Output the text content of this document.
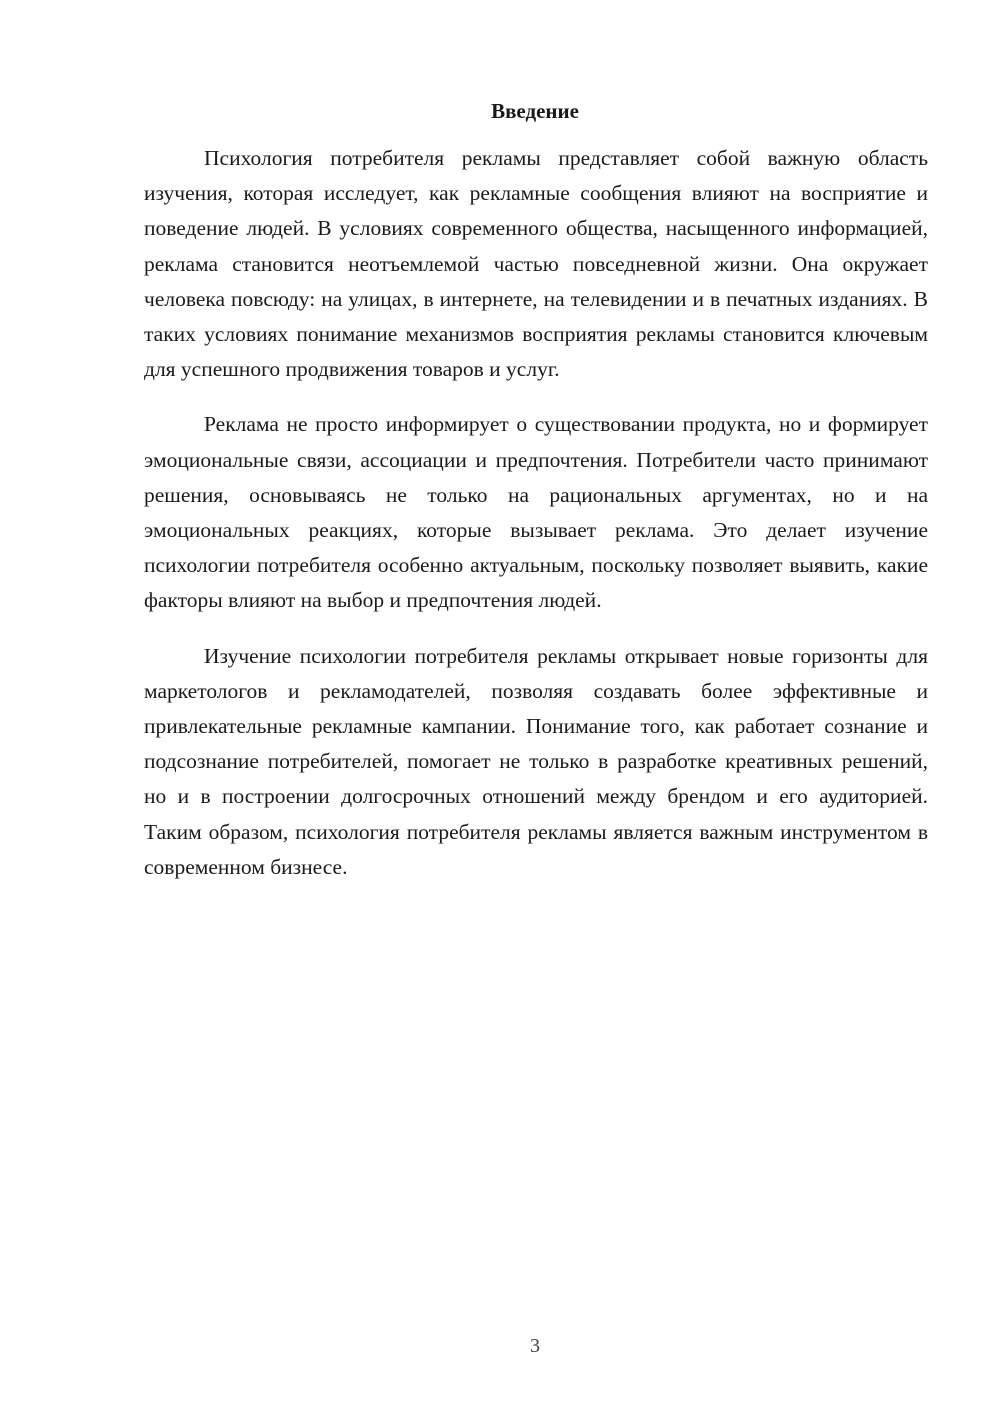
Введение

Психология потребителя рекламы представляет собой важную область изучения, которая исследует, как рекламные сообщения влияют на восприятие и поведение людей. В условиях современного общества, насыщенного информацией, реклама становится неотъемлемой частью повседневной жизни. Она окружает человека повсюду: на улицах, в интернете, на телевидении и в печатных изданиях. В таких условиях понимание механизмов восприятия рекламы становится ключевым для успешного продвижения товаров и услуг.

Реклама не просто информирует о существовании продукта, но и формирует эмоциональные связи, ассоциации и предпочтения. Потребители часто принимают решения, основываясь не только на рациональных аргументах, но и на эмоциональных реакциях, которые вызывает реклама. Это делает изучение психологии потребителя особенно актуальным, поскольку позволяет выявить, какие факторы влияют на выбор и предпочтения людей.

Изучение психологии потребителя рекламы открывает новые горизонты для маркетологов и рекламодателей, позволяя создавать более эффективные и привлекательные рекламные кампании. Понимание того, как работает сознание и подсознание потребителей, помогает не только в разработке креативных решений, но и в построении долгосрочных отношений между брендом и его аудиторией. Таким образом, психология потребителя рекламы является важным инструментом в современном бизнесе.

3
